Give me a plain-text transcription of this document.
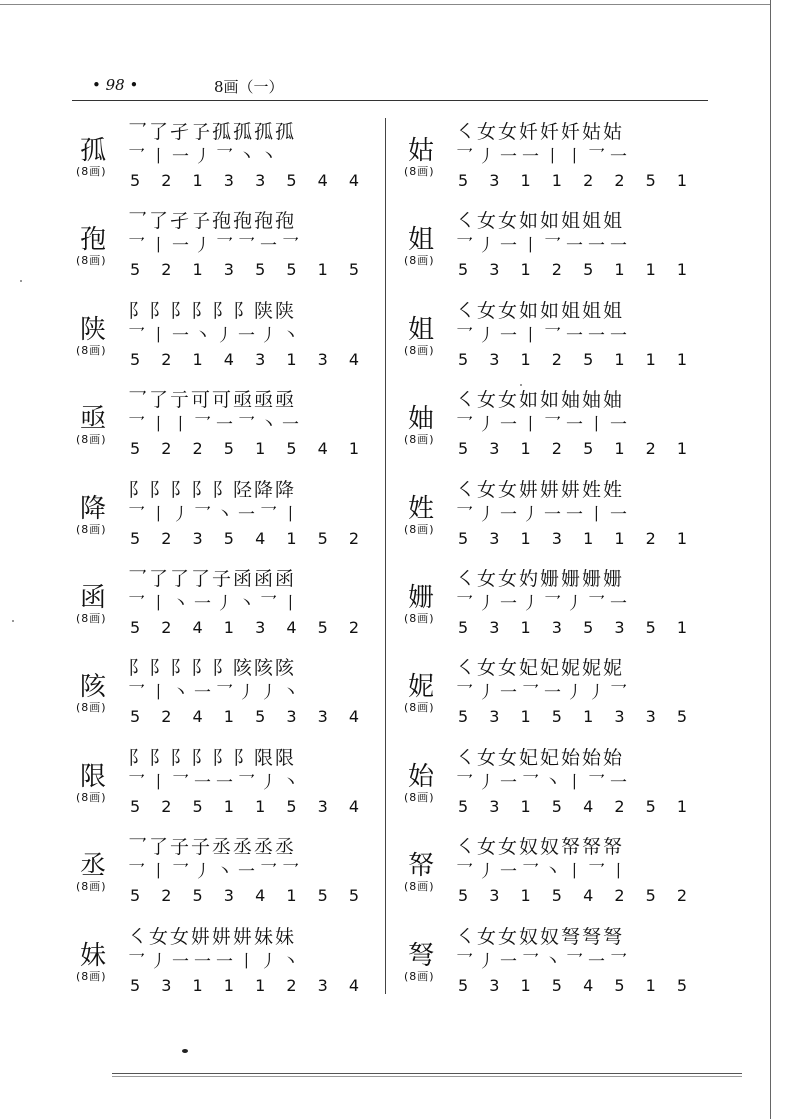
• 98 •	8画（一）
孤
(8画)
乛了孑孒孤孤孤孤
乛丨一丿乛丶丶
5 2 1 3 3 5 4 4
孢
(8画)
乛了孑孒孢孢孢孢
乛丨一丿乛乛一乛
5 2 1 3 5 5 1 5
陕
(8画)
阝阝阝阝阝阝陕陕
乛丨一丶丿一丿丶
5 2 1 4 3 1 3 4
亟
(8画)
乛了亍可可亟亟亟
乛丨丨乛一乛丶一
5 2 2 5 1 5 4 1
降
(8画)
阝阝阝阝阝陉降降
乛丨丿乛丶一乛丨
5 2 3 5 4 1 5 2
函
(8画)
乛了了了子函函函
乛丨丶一丿丶乛丨
5 2 4 1 3 4 5 2
陔
(8画)
阝阝阝阝阝陔陔陔
乛丨丶一乛丿丿丶
5 2 4 1 5 3 3 4
限
(8画)
阝阝阝阝阝阝限限
乛丨乛一一乛丿丶
5 2 5 1 1 5 3 4
丞
(8画)
乛了子子丞丞丞丞
乛丨乛丿丶一乛乛
5 2 5 3 4 1 5 5
妹
(8画)
㇛女女妌妌妌妹妹
乛丿一一一丨丿丶
5 3 1 1 1 2 3 4
姑
(8画)
㇛女女奷奷奷姑姑
乛丿一一丨丨乛一
5 3 1 1 2 2 5 1
姐
(8画)
㇛女女如如姐姐姐
乛丿一丨乛一一一
5 3 1 2 5 1 1 1
姐
(8画)
㇛女女如如姐姐姐
乛丿一丨乛一一一
5 3 1 2 5 1 1 1
妯
(8画)
㇛女女如如妯妯妯
乛丿一丨乛一丨一
5 3 1 2 5 1 2 1
姓
(8画)
㇛女女妌妌妌姓姓
乛丿一丿一一丨一
5 3 1 3 1 1 2 1
姗
(8画)
㇛女女妁姗姗姗姗
乛丿一丿乛丿乛一
5 3 1 3 5 3 5 1
妮
(8画)
㇛女女妃妃妮妮妮
乛丿一乛一丿丿乛
5 3 1 5 1 3 3 5
始
(8画)
㇛女女妃妃始始始
乛丿一乛丶丨乛一
5 3 1 5 4 2 5 1
帑
(8画)
㇛女女奴奴帑帑帑
乛丿一乛丶丨乛丨
5 3 1 5 4 2 5 2
弩
(8画)
㇛女女奴奴弩弩弩
乛丿一乛丶乛一乛
5 3 1 5 4 5 1 5
